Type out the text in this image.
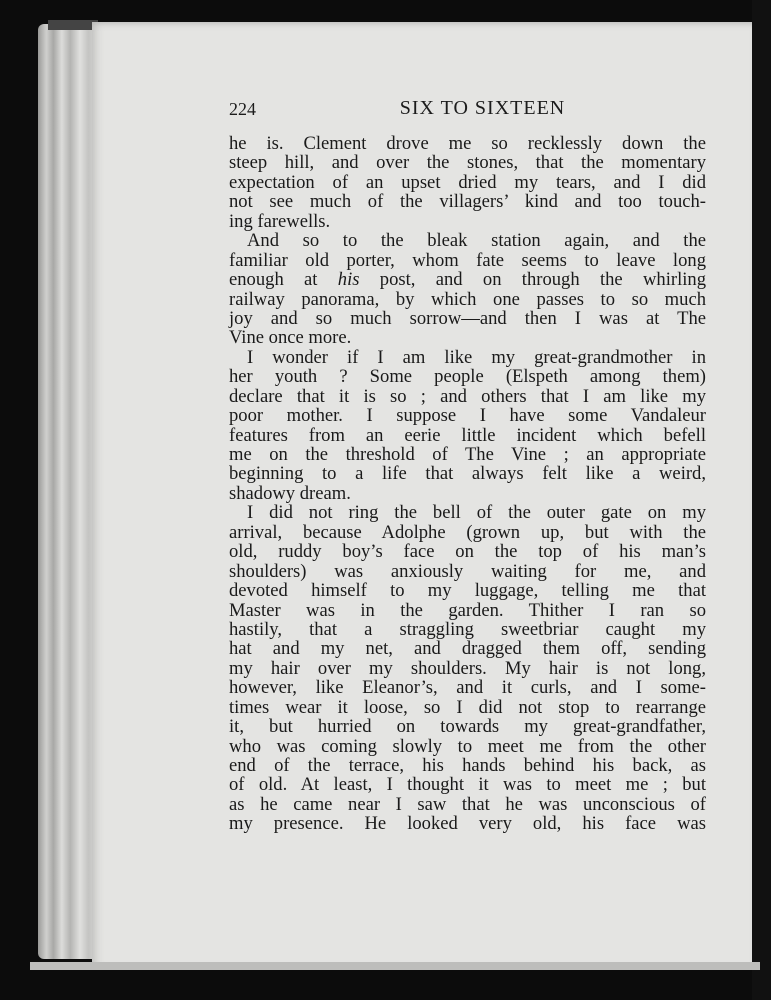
224	SIX TO SIXTEEN
he is. Clement drove me so recklessly down the
steep hill, and over the stones, that the momentary
expectation of an upset dried my tears, and I did
not see much of the villagers’ kind and too touch-
ing farewells.
And so to the bleak station again, and the
familiar old porter, whom fate seems to leave long
enough at his post, and on through the whirling
railway panorama, by which one passes to so much
joy and so much sorrow—and then I was at The
Vine once more.
I wonder if I am like my great-grandmother in
her youth ? Some people (Elspeth among them)
declare that it is so ; and others that I am like my
poor mother. I suppose I have some Vandaleur
features from an eerie little incident which befell
me on the threshold of The Vine ; an appropriate
beginning to a life that always felt like a weird,
shadowy dream.
I did not ring the bell of the outer gate on my
arrival, because Adolphe (grown up, but with the
old, ruddy boy’s face on the top of his man’s
shoulders) was anxiously waiting for me, and
devoted himself to my luggage, telling me that
Master was in the garden. Thither I ran so
hastily, that a straggling sweetbriar caught my
hat and my net, and dragged them off, sending
my hair over my shoulders. My hair is not long,
however, like Eleanor’s, and it curls, and I some-
times wear it loose, so I did not stop to rearrange
it, but hurried on towards my great-grandfather,
who was coming slowly to meet me from the other
end of the terrace, his hands behind his back, as
of old. At least, I thought it was to meet me ; but
as he came near I saw that he was unconscious of
my presence. He looked very old, his face was
